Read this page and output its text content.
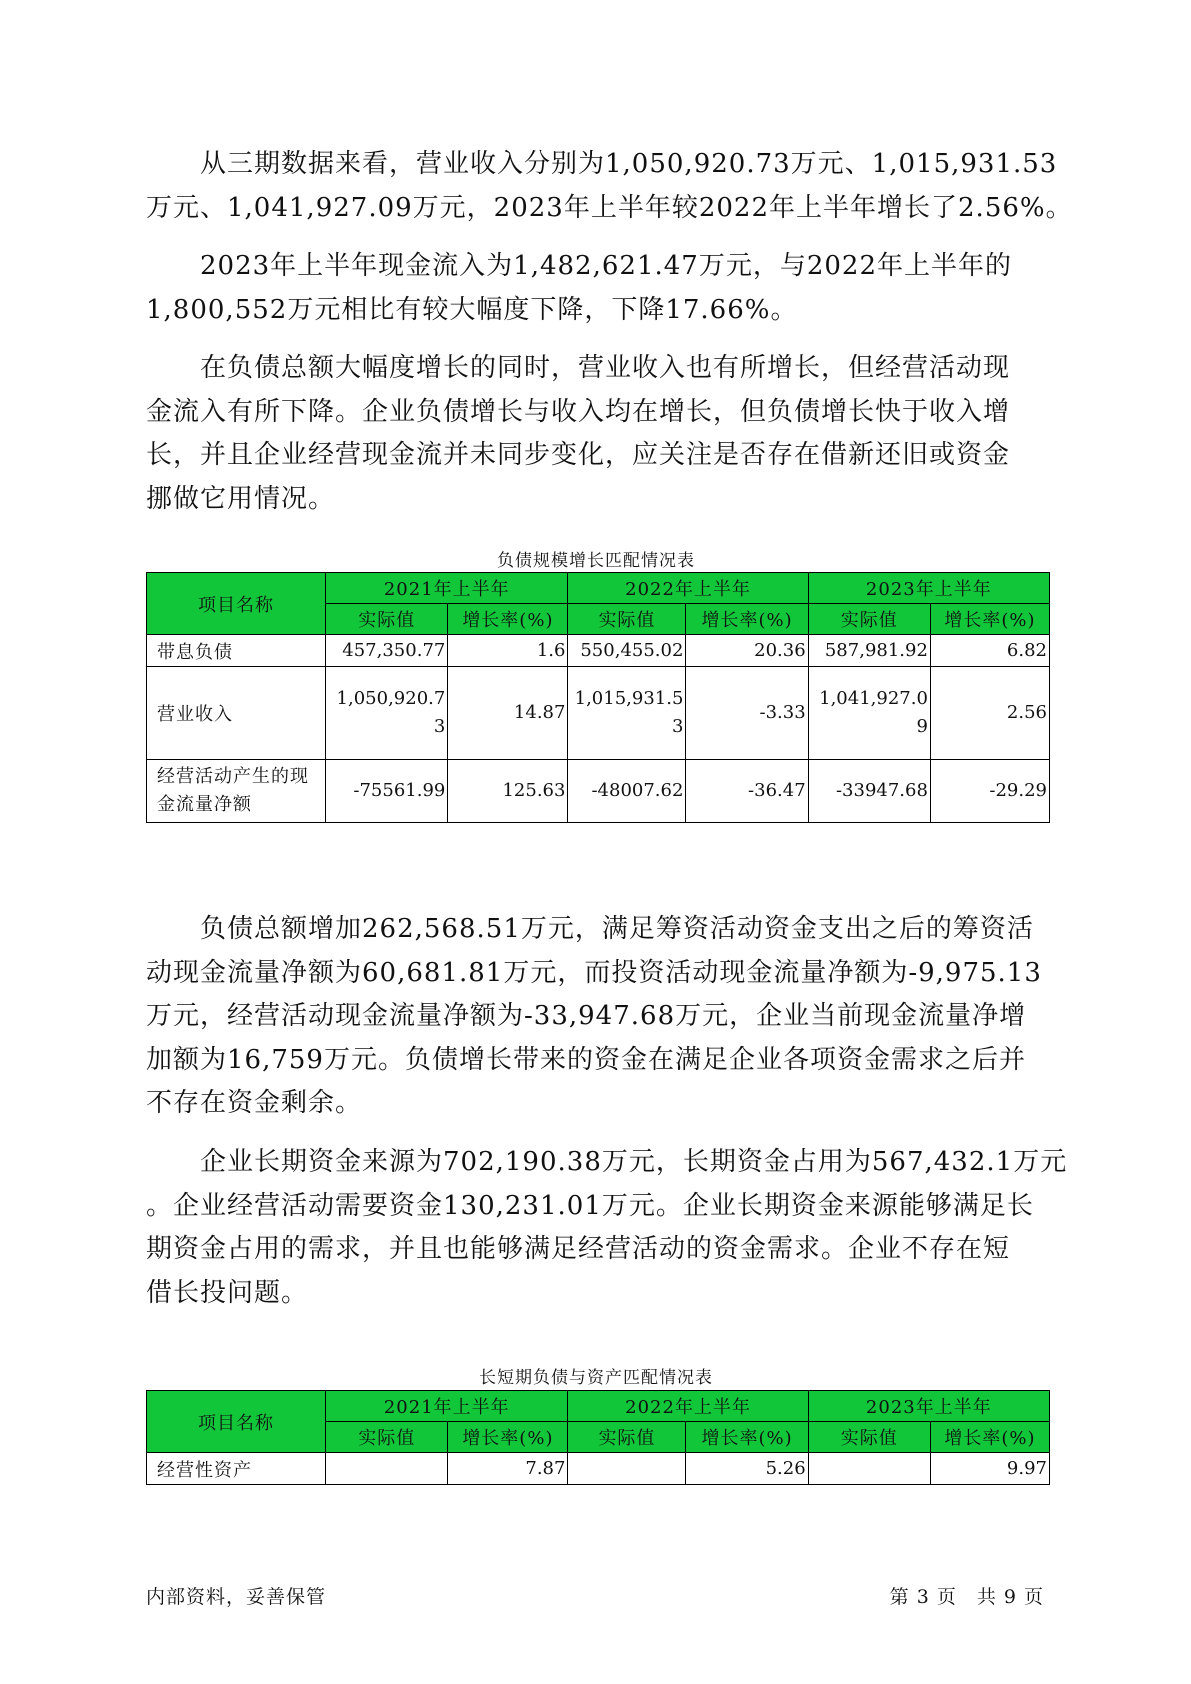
　　从三期数据来看，营业收入分别为1,050,920.73万元、1,015,931.53
万元、1,041,927.09万元，2023年上半年较2022年上半年增长了2.56%。
　　2023年上半年现金流入为1,482,621.47万元，与2022年上半年的
1,800,552万元相比有较大幅度下降，下降17.66%。
　　在负债总额大幅度增长的同时，营业收入也有所增长，但经营活动现
金流入有所下降。企业负债增长与收入均在增长，但负债增长快于收入增
长，并且企业经营现金流并未同步变化，应关注是否存在借新还旧或资金
挪做它用情况。
负债规模增长匹配情况表
项目名称	2021年上半年		2022年上半年		2023年上半年	
	实际值	增长率(%)	实际值	增长率(%)	实际值	增长率(%)
带息负债	457,350.77	1.6	550,455.02	20.36	587,981.92	6.82
营业收入	1,050,920.73	14.87	1,015,931.53	-3.33	1,041,927.09	2.56
经营活动产生的现金流量净额	-75561.99	125.63	-48007.62	-36.47	-33947.68	-29.29
　　负债总额增加262,568.51万元，满足筹资活动资金支出之后的筹资活
动现金流量净额为60,681.81万元，而投资活动现金流量净额为-9,975.13
万元，经营活动现金流量净额为-33,947.68万元，企业当前现金流量净增
加额为16,759万元。负债增长带来的资金在满足企业各项资金需求之后并
不存在资金剩余。
　　企业长期资金来源为702,190.38万元，长期资金占用为567,432.1万元
。企业经营活动需要资金130,231.01万元。企业长期资金来源能够满足长
期资金占用的需求，并且也能够满足经营活动的资金需求。企业不存在短
借长投问题。
长短期负债与资产匹配情况表
项目名称	2021年上半年		2022年上半年		2023年上半年	
	实际值	增长率(%)	实际值	增长率(%)	实际值	增长率(%)
经营性资产		7.87		5.26		9.97
内部资料，妥善保管	第 3 页　共 9 页
